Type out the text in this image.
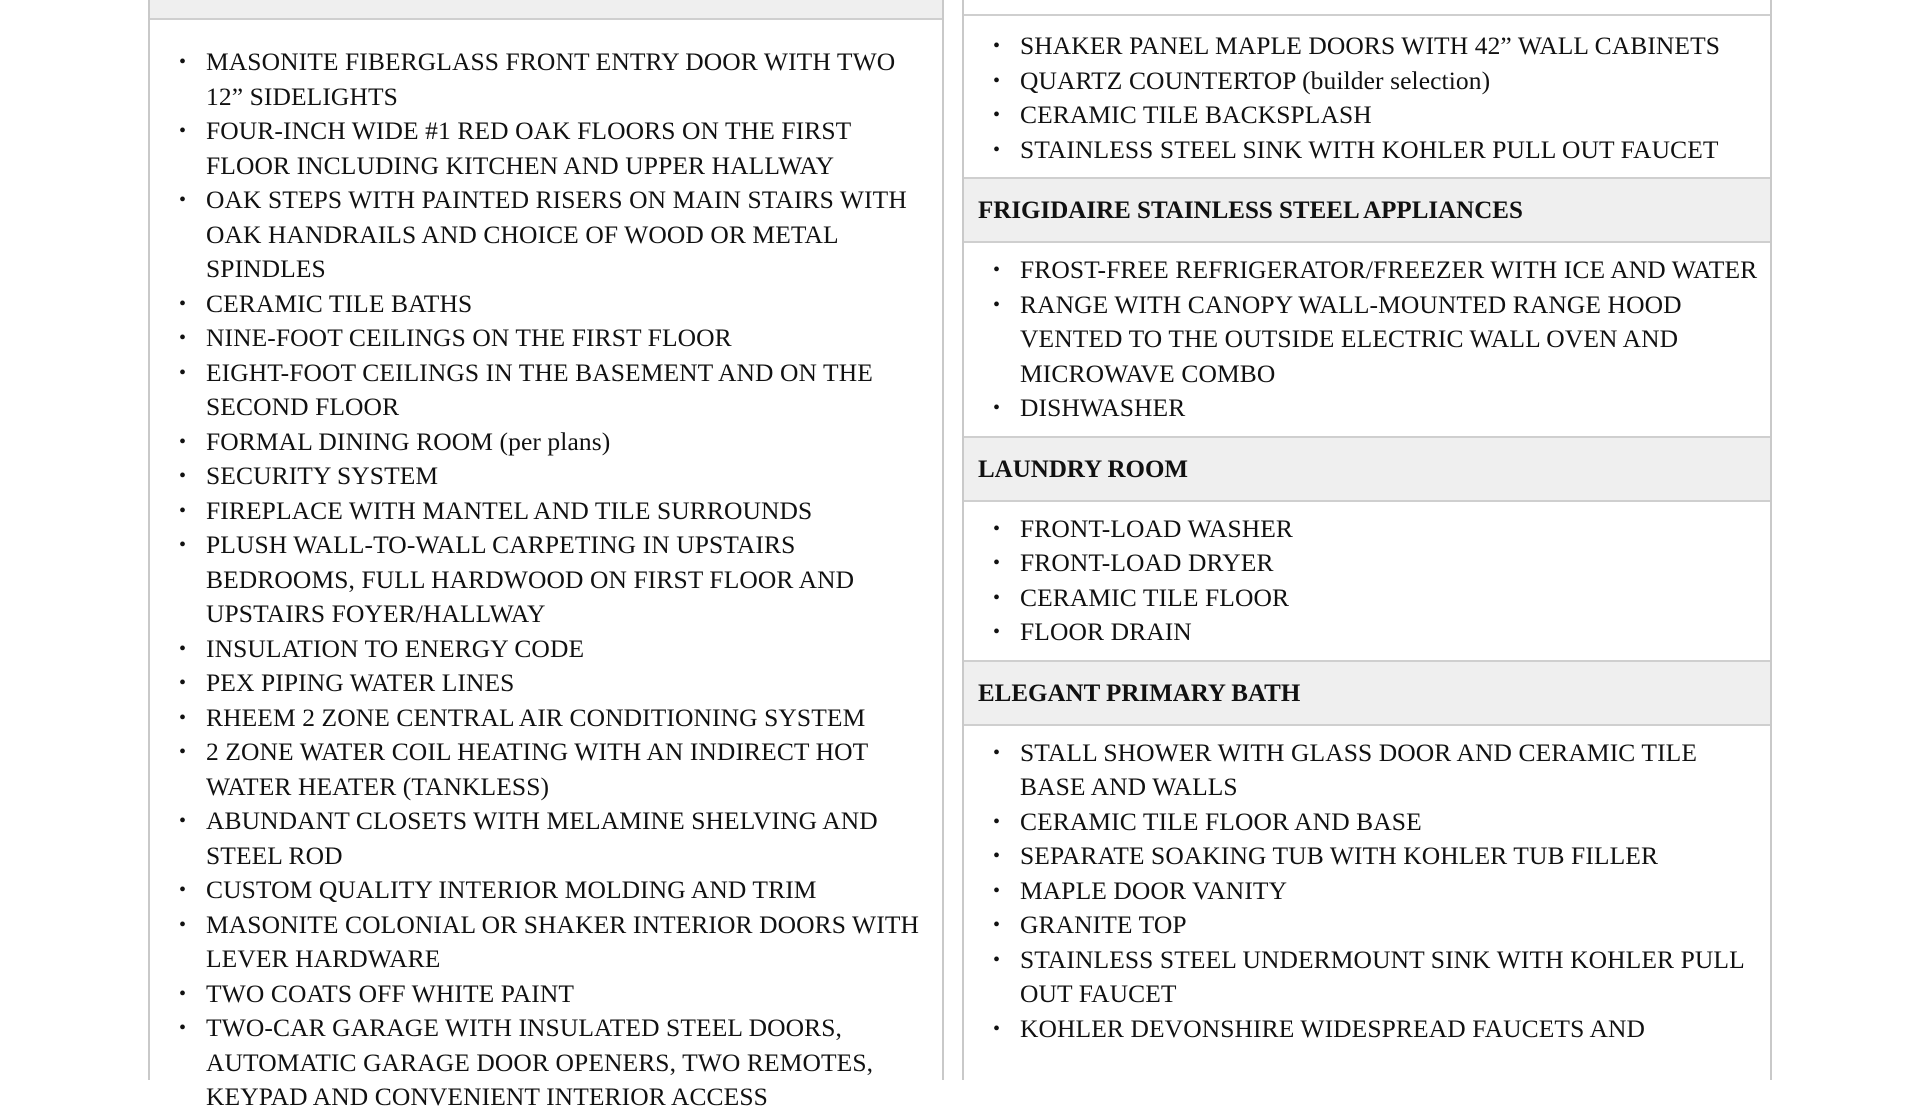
• MASONITE FIBERGLASS FRONT ENTRY DOOR WITH TWO 12” SIDELIGHTS
• FOUR-INCH WIDE #1 RED OAK FLOORS ON THE FIRST FLOOR INCLUDING KITCHEN AND UPPER HALLWAY
• OAK STEPS WITH PAINTED RISERS ON MAIN STAIRS WITH OAK HANDRAILS AND CHOICE OF WOOD OR METAL SPINDLES
• CERAMIC TILE BATHS
• NINE-FOOT CEILINGS ON THE FIRST FLOOR
• EIGHT-FOOT CEILINGS IN THE BASEMENT AND ON THE SECOND FLOOR
• FORMAL DINING ROOM (per plans)
• SECURITY SYSTEM
• FIREPLACE WITH MANTEL AND TILE SURROUNDS
• PLUSH WALL-TO-WALL CARPETING IN UPSTAIRS BEDROOMS, FULL HARDWOOD ON FIRST FLOOR AND UPSTAIRS FOYER/HALLWAY
• INSULATION TO ENERGY CODE
• PEX PIPING WATER LINES
• RHEEM 2 ZONE CENTRAL AIR CONDITIONING SYSTEM
• 2 ZONE WATER COIL HEATING WITH AN INDIRECT HOT WATER HEATER (TANKLESS)
• ABUNDANT CLOSETS WITH MELAMINE SHELVING AND STEEL ROD
• CUSTOM QUALITY INTERIOR MOLDING AND TRIM
• MASONITE COLONIAL OR SHAKER INTERIOR DOORS WITH LEVER HARDWARE
• TWO COATS OFF WHITE PAINT
• TWO-CAR GARAGE WITH INSULATED STEEL DOORS, AUTOMATIC GARAGE DOOR OPENERS, TWO REMOTES, KEYPAD AND CONVENIENT INTERIOR ACCESS
• SHAKER PANEL MAPLE DOORS WITH 42” WALL CABINETS
• QUARTZ COUNTERTOP (builder selection)
• CERAMIC TILE BACKSPLASH
• STAINLESS STEEL SINK WITH KOHLER PULL OUT FAUCET
FRIGIDAIRE STAINLESS STEEL APPLIANCES
• FROST-FREE REFRIGERATOR/FREEZER WITH ICE AND WATER
• RANGE WITH CANOPY WALL-MOUNTED RANGE HOOD VENTED TO THE OUTSIDE ELECTRIC WALL OVEN AND MICROWAVE COMBO
• DISHWASHER
LAUNDRY ROOM
• FRONT-LOAD WASHER
• FRONT-LOAD DRYER
• CERAMIC TILE FLOOR
• FLOOR DRAIN
ELEGANT PRIMARY BATH
• STALL SHOWER WITH GLASS DOOR AND CERAMIC TILE BASE AND WALLS
• CERAMIC TILE FLOOR AND BASE
• SEPARATE SOAKING TUB WITH KOHLER TUB FILLER
• MAPLE DOOR VANITY
• GRANITE TOP
• STAINLESS STEEL UNDERMOUNT SINK WITH KOHLER PULL OUT FAUCET
• KOHLER DEVONSHIRE WIDESPREAD FAUCETS AND
